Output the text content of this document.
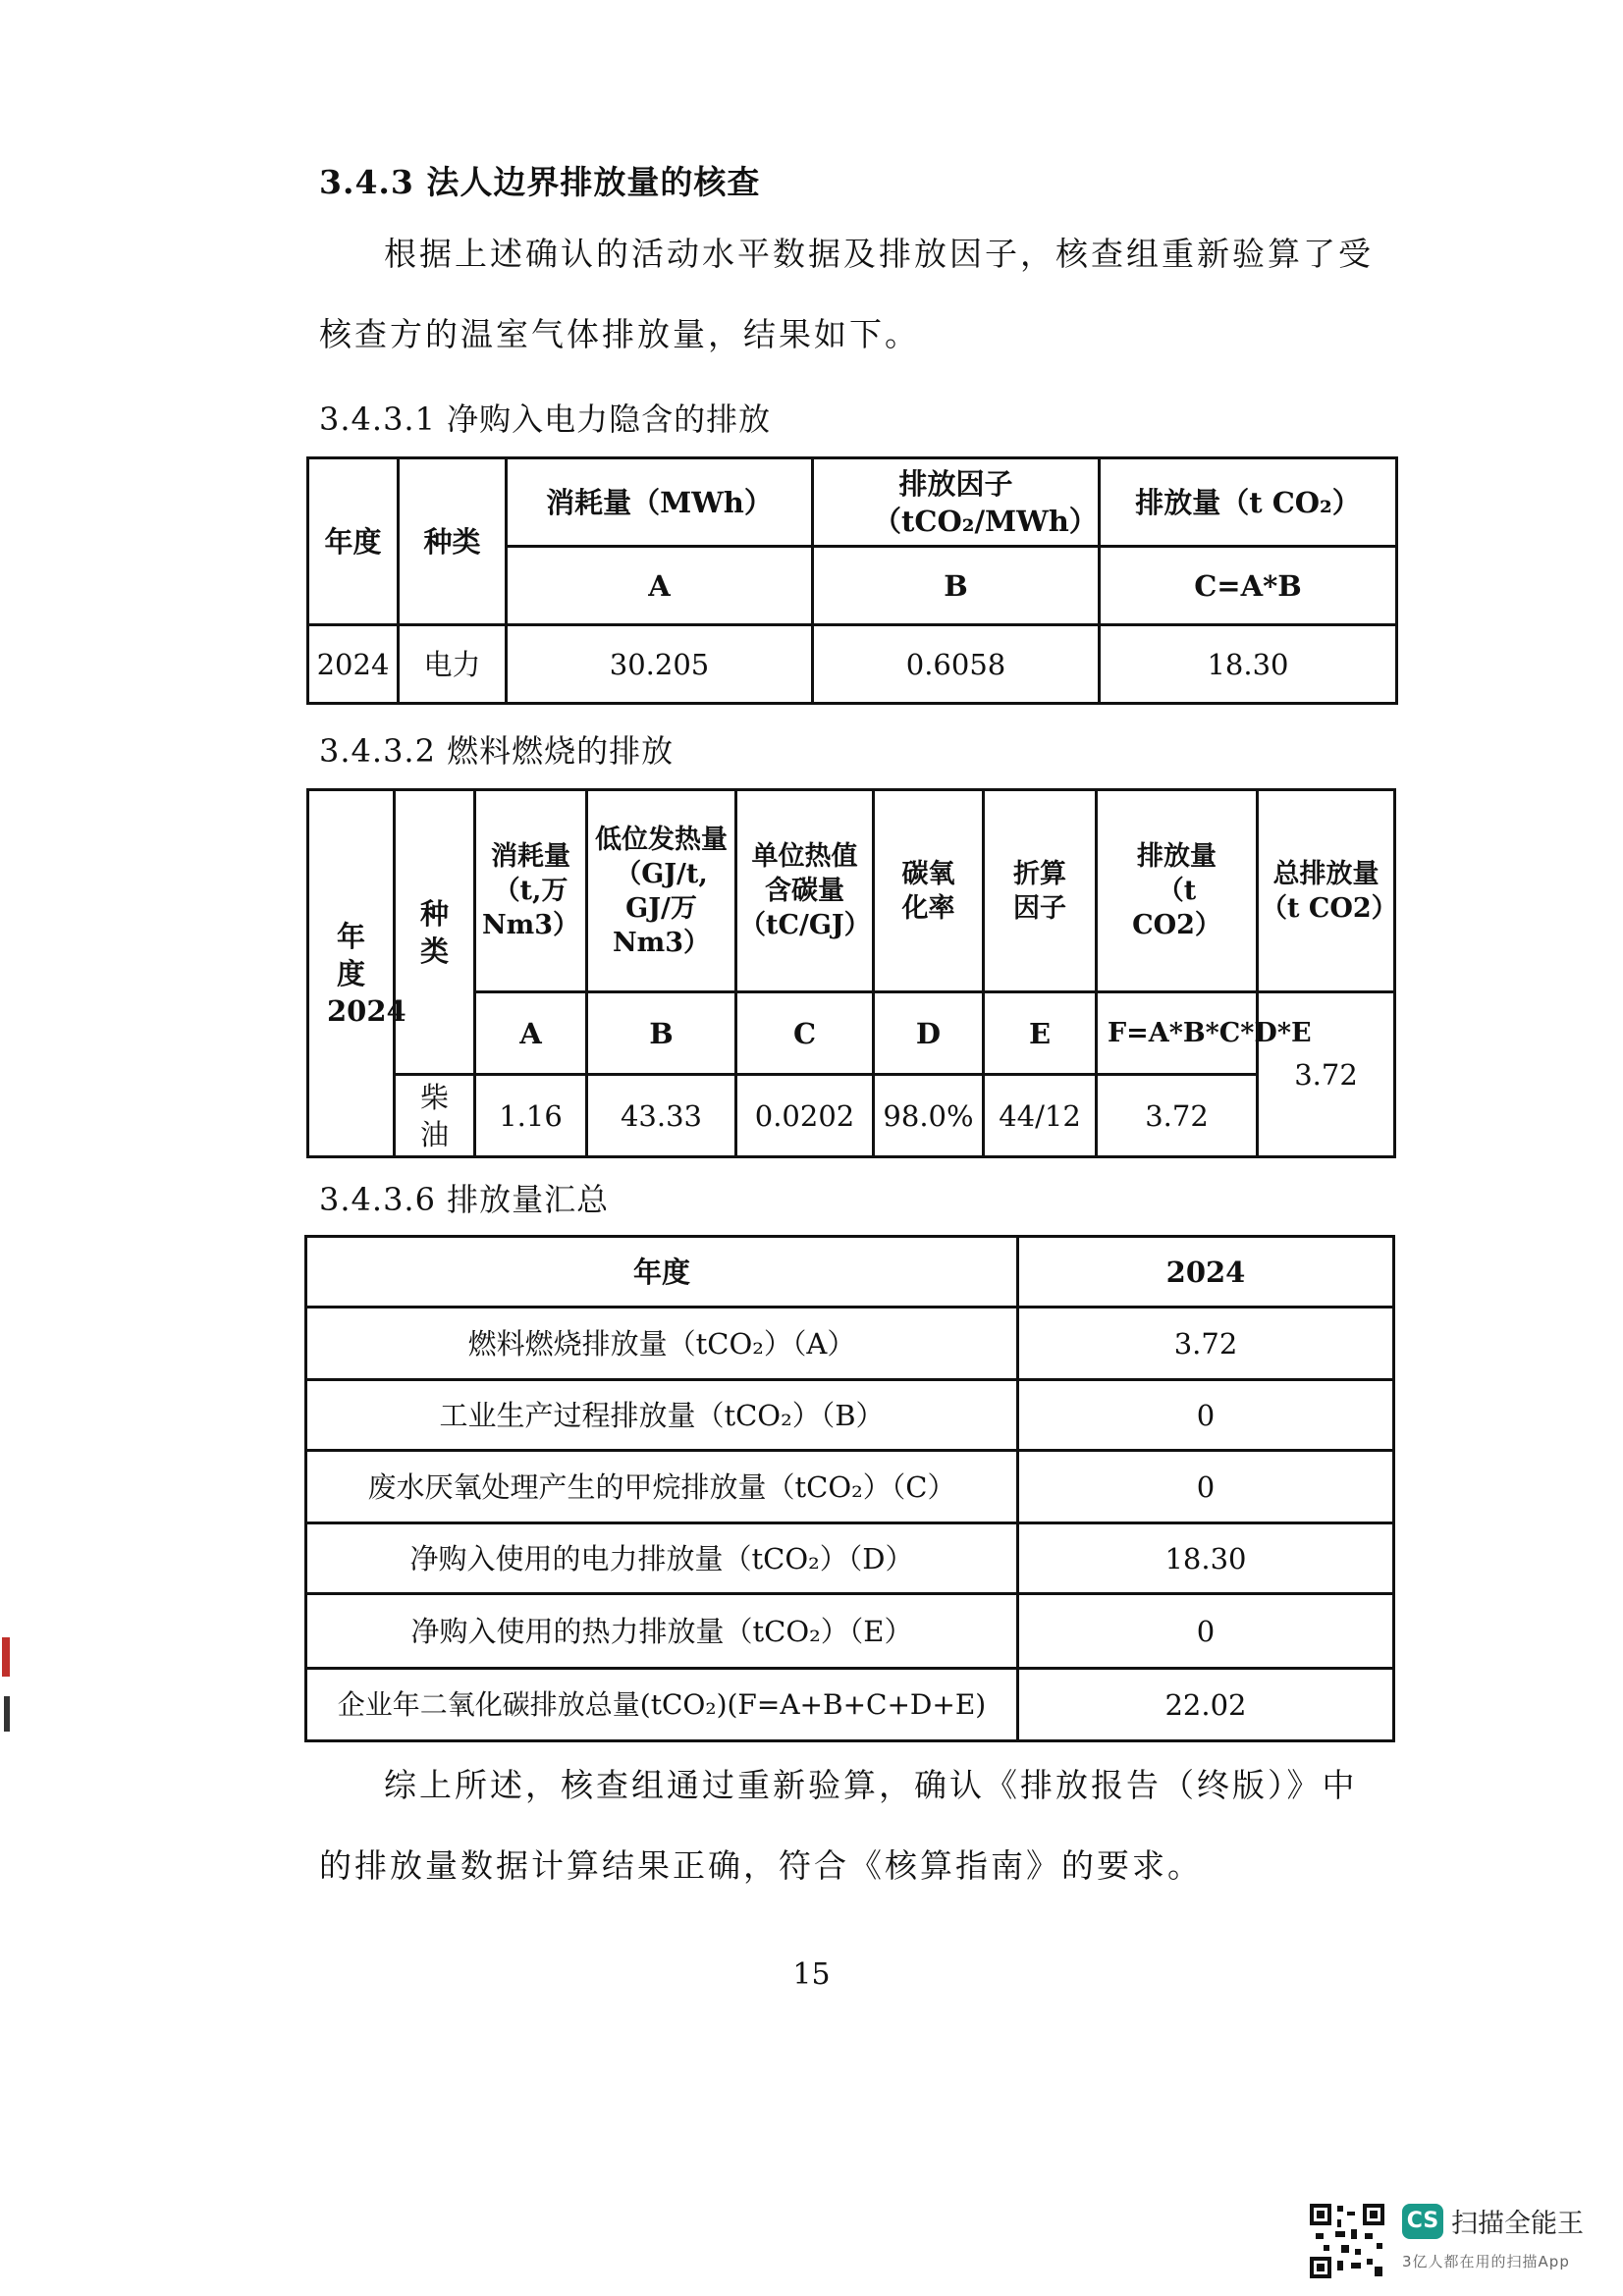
3.4.3 法人边界排放量的核查
根据上述确认的活动水平数据及排放因子，核查组重新验算了受核查方的温室气体排放量，结果如下。
3.4.3.1 净购入电力隐含的排放
年度	种类	消耗量（MWh）	排放因子（tCO₂/MWh）	排放量（t CO₂）
		A	B	C=A*B
2024	电力	30.205	0.6058	18.30
3.4.3.2 燃料燃烧的排放
年度2024	种类	消耗量（t,万Nm3）	低位发热量（GJ/t, GJ/万Nm3）	单位热值含碳量（tC/GJ）	碳氧化率	折算因子	排放量（t CO2）	总排放量（t CO2）
		A	B	C	D	E	F=A*B*C*D*E	3.72
	柴油	1.16	43.33	0.0202	98.0%	44/12	3.72	
3.4.3.6 排放量汇总
年度	2024
燃料燃烧排放量（tCO₂）（A）	3.72
工业生产过程排放量（tCO₂）（B）	0
废水厌氧处理产生的甲烷排放量（tCO₂）（C）	0
净购入使用的电力排放量（tCO₂）（D）	18.30
净购入使用的热力排放量（tCO₂）（E）	0
企业年二氧化碳排放总量(tCO₂)(F=A+B+C+D+E)	22.02
综上所述，核查组通过重新验算，确认《排放报告（终版）》中的排放量数据计算结果正确，符合《核算指南》的要求。
15
CS 扫描全能王
3亿人都在用的扫描App
